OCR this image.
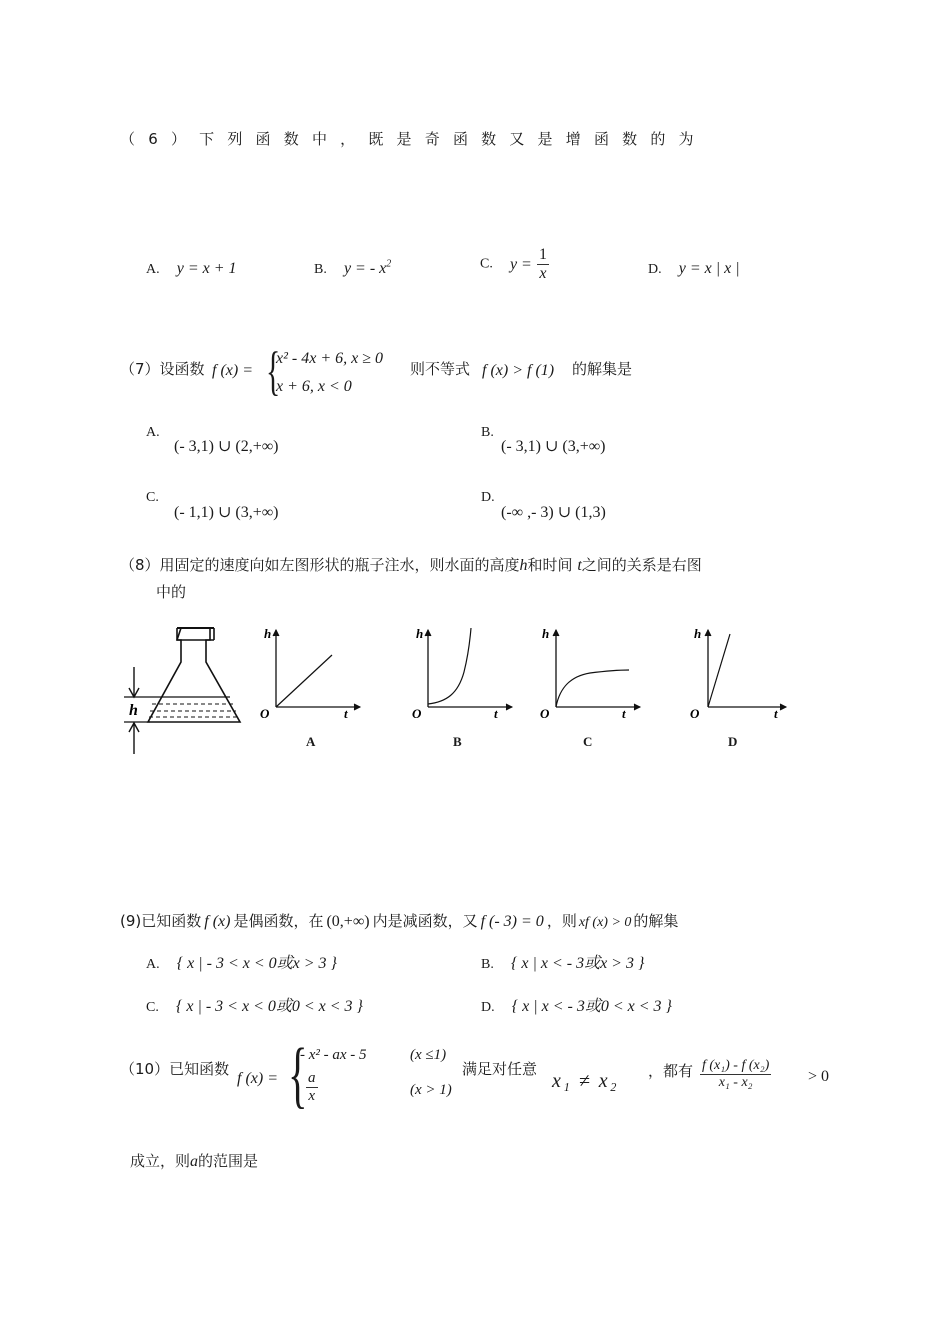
（6）下列函数中，既是奇函数又是增函数的为
A. y = x + 1	B. y = - $x^2$	C. $y = \frac{1}{x}$	D. y = x | x |
（7）设函数 f (x) = {
x² - 4x + 6, x ≥ 0
x + 6, x < 0
则不等式 f (x) > f (1) 的解集是
A.
(- 3,1) ∪ (2,+∞)
B.
(- 3,1) ∪ (3,+∞)
C.
(- 1,1) ∪ (3,+∞)
D.
(-∞ ,- 3) ∪ (1,3)
（8）用固定的速度向如左图形状的瓶子注水，则水面的高度h和时间 t之间的关系是右图
中的
h
h
t
O
A
h
t
O
B
h
t
O
C
h
t
O
D
(9)已知函数 f (x) 是偶函数，在 (0,+∞) 内是减函数，又 f (- 3) = 0 ，则 xf (x) > 0 的解集
A. { x | - 3 < x < 0或x > 3 }	B. { x | x < - 3或x > 3 }
C. { x | - 3 < x < 0或0 < x < 3 }	D. { x | x < - 3或0 < x < 3 }
（10）已知函数
f (x) = {
- x² - ax - 5	(x ≤1)
$\frac{a}{x}$	(x > 1)
满足对任意
x₁ ≠ x₂ ，都有 $\frac{\text{f (x₁) - f (x₂)}}{\text{x₁ - x₂}} > 0$
成立，则a的范围是
